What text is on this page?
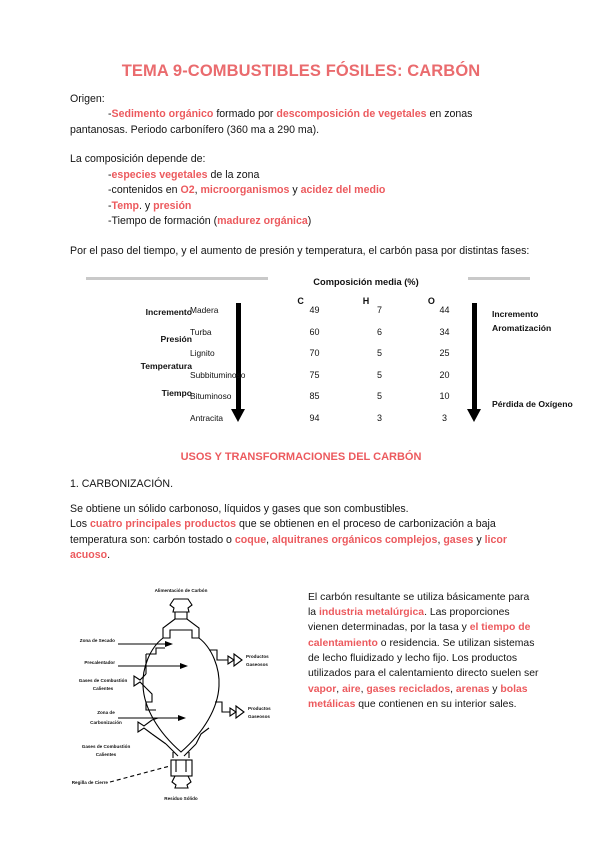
TEMA 9-COMBUSTIBLES FÓSILES: CARBÓN

Origen:

-Sedimento orgánico formado por descomposición de vegetales en zonas
pantanosas. Periodo carbonífero (360 ma a 290 ma).

La composición depende de:

-especies vegetales de la zona

-contenidos en O2, microorganismos y acidez del medio

-Temp. y presión

-Tiempo de formación (madurez orgánica)

Por el paso del tiempo, y el aumento de presión y temperatura, el carbón pasa por distintas fases:

Composición media (%)
C	H	O
Incremento
Presión
Temperatura
Tiempo
Madera	49	7	44
Turba	60	6	34
Lignito	70	5	25
Subbituminoso	75	5	20
Bituminoso	85	5	10
Antracita	94	3	3
Incremento
Aromatización
Pérdida de Oxígeno
USOS Y TRANSFORMACIONES DEL CARBÓN

1. CARBONIZACIÓN.

Se obtiene un sólido carbonoso, líquidos y gases que son combustibles.

Los cuatro principales productos que se obtienen en el proceso de carbonización a baja temperatura son: carbón tostado o coque, alquitranes orgánicos complejos, gases y licor acuoso.

Alimentación de Carbón
Zona de Secado
Precalentador
Gases de Combustión
Calientes
Zona de
Carbonización
Gases de Combustión
Calientes
Regilla de Cierre
Productos
Gaseosos
Productos
Gaseosos
Residuo Sólido

El carbón resultante se utiliza básicamente para la industria metalúrgica. Las proporciones vienen determinadas, por la tasa y el tiempo de calentamiento o residencia. Se utilizan sistemas de lecho fluidizado y lecho fijo. Los productos utilizados para el calentamiento directo suelen ser vapor, aire, gases reciclados, arenas y bolas metálicas que contienen en su interior sales.
